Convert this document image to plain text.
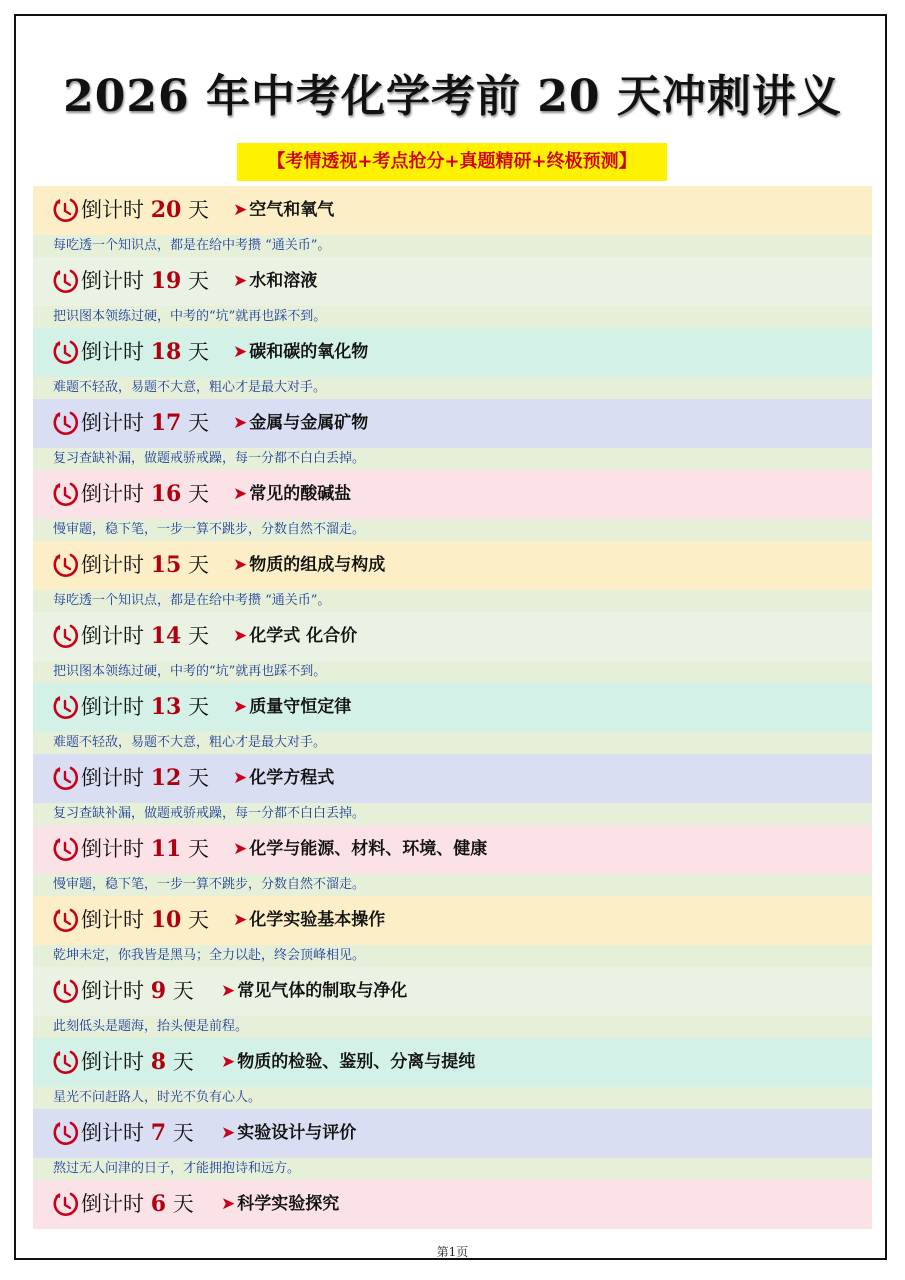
2026 年中考化学考前 20 天冲刺讲义
【考情透视+考点抢分+真题精研+终极预测】
倒计时 20 天 ➤ 空气和氧气
每吃透一个知识点，都是在给中考攒 “通关币”。
倒计时 19 天 ➤ 水和溶液
把识图本领练过硬，中考的“坑”就再也踩不到。
倒计时 18 天 ➤ 碳和碳的氧化物
难题不轻敌，易题不大意，粗心才是最大对手。
倒计时 17 天 ➤ 金属与金属矿物
复习查缺补漏，做题戒骄戒躁，每一分都不白白丢掉。
倒计时 16 天 ➤ 常见的酸碱盐
慢审题，稳下笔，一步一算不跳步，分数自然不溜走。
倒计时 15 天 ➤ 物质的组成与构成
每吃透一个知识点，都是在给中考攒 “通关币”。
倒计时 14 天 ➤ 化学式 化合价
把识图本领练过硬，中考的“坑”就再也踩不到。
倒计时 13 天 ➤ 质量守恒定律
难题不轻敌，易题不大意，粗心才是最大对手。
倒计时 12 天 ➤ 化学方程式
复习查缺补漏，做题戒骄戒躁，每一分都不白白丢掉。
倒计时 11 天 ➤ 化学与能源、材料、环境、健康
慢审题，稳下笔，一步一算不跳步，分数自然不溜走。
倒计时 10 天 ➤ 化学实验基本操作
乾坤未定，你我皆是黑马；全力以赴，终会顶峰相见。
倒计时 9 天 ➤ 常见气体的制取与净化
此刻低头是题海，抬头便是前程。
倒计时 8 天 ➤ 物质的检验、鉴别、分离与提纯
星光不问赶路人，时光不负有心人。
倒计时 7 天 ➤ 实验设计与评价
熬过无人问津的日子，才能拥抱诗和远方。
倒计时 6 天 ➤ 科学实验探究
第1页
